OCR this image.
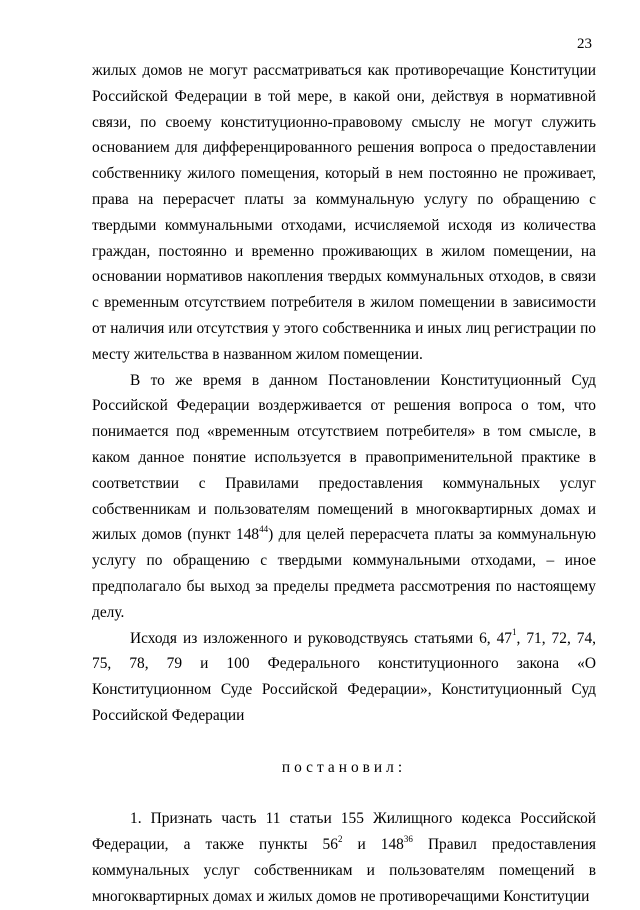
23

жилых домов не могут рассматриваться как противоречащие Конституции Российской Федерации в той мере, в какой они, действуя в нормативной связи, по своему конституционно-правовому смыслу не могут служить основанием для дифференцированного решения вопроса о предоставлении собственнику жилого помещения, который в нем постоянно не проживает, права на перерасчет платы за коммунальную услугу по обращению с твердыми коммунальными отходами, исчисляемой исходя из количества граждан, постоянно и временно проживающих в жилом помещении, на основании нормативов накопления твердых коммунальных отходов, в связи с временным отсутствием потребителя в жилом помещении в зависимости от наличия или отсутствия у этого собственника и иных лиц регистрации по месту жительства в названном жилом помещении.

В то же время в данном Постановлении Конституционный Суд Российской Федерации воздерживается от решения вопроса о том, что понимается под «временным отсутствием потребителя» в том смысле, в каком данное понятие используется в правоприменительной практике в соответствии с Правилами предоставления коммунальных услуг собственникам и пользователям помещений в многоквартирных домах и жилых домов (пункт $148^{44}$) для целей перерасчета платы за коммунальную услугу по обращению с твердыми коммунальными отходами, – иное предполагало бы выход за пределы предмета рассмотрения по настоящему делу.

Исходя из изложенного и руководствуясь статьями 6, $47^1$, 71, 72, 74, 75, 78, 79 и 100 Федерального конституционного закона «О Конституционном Суде Российской Федерации», Конституционный Суд Российской Федерации

постановил:

1. Признать часть 11 статьи 155 Жилищного кодекса Российской Федерации, а также пункты $56^2$ и $148^{36}$ Правил предоставления коммунальных услуг собственникам и пользователям помещений в многоквартирных домах и жилых домов не противоречащими Конституции
